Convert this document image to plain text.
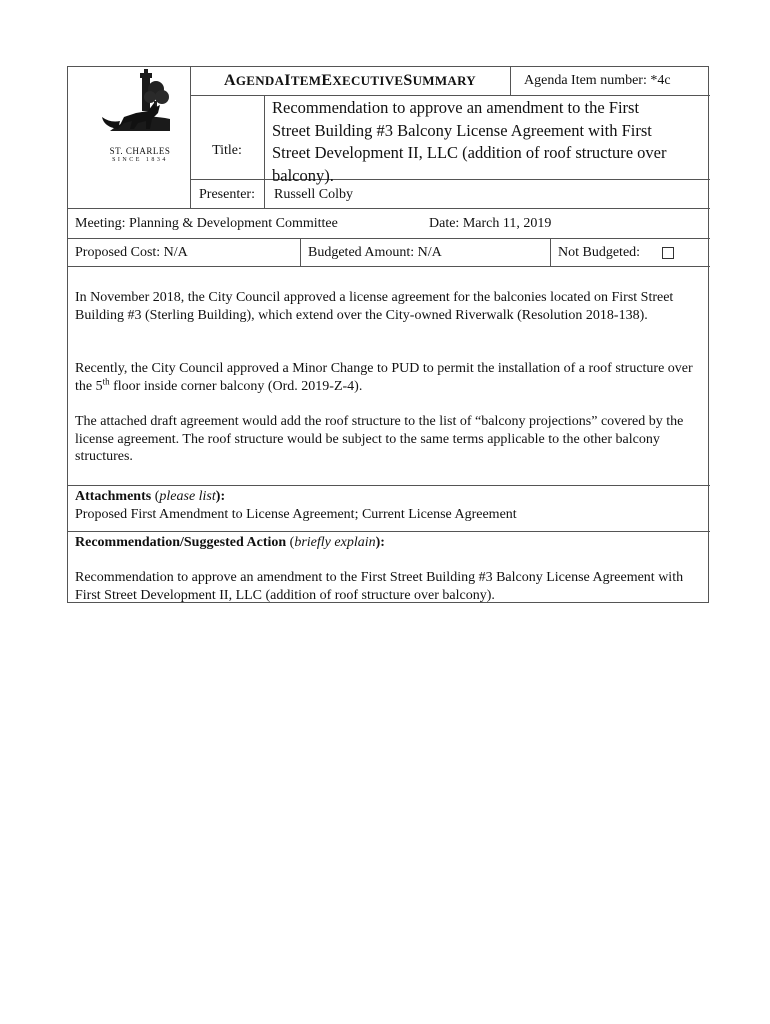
ST. CHARLES
SINCE 1834
AGENDA ITEM EXECUTIVE SUMMARY	Agenda Item number: *4c
Title:
Recommendation to approve an amendment to the First
Street Building #3 Balcony License Agreement with First
Street Development II, LLC (addition of roof structure over
balcony).
Presenter:	Russell Colby
Meeting: Planning & Development Committee	Date: March 11, 2019
Proposed Cost: N/A	Budgeted Amount: N/A	Not Budgeted:
In November 2018, the City Council approved a license agreement for the balconies located on First Street Building #3 (Sterling Building), which extend over the City-owned Riverwalk (Resolution 2018-138).
Recently, the City Council approved a Minor Change to PUD to permit the installation of a roof structure over the 5th floor inside corner balcony (Ord. 2019-Z-4).
The attached draft agreement would add the roof structure to the list of “balcony projections” covered by the license agreement. The roof structure would be subject to the same terms applicable to the other balcony structures.
Attachments (please list):
Proposed First Amendment to License Agreement; Current License Agreement
Recommendation/Suggested Action (briefly explain):
Recommendation to approve an amendment to the First Street Building #3 Balcony License Agreement with First Street Development II, LLC (addition of roof structure over balcony).
